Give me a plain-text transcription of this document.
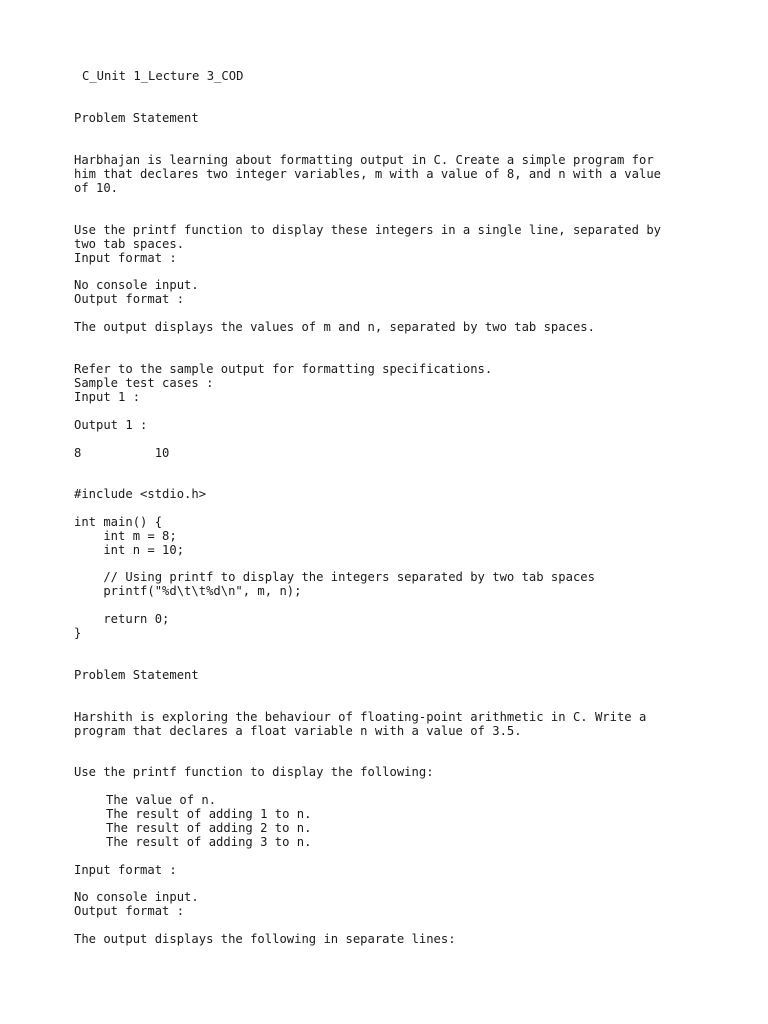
C_Unit 1_Lecture 3_COD
Problem Statement
Harbhajan is learning about formatting output in C. Create a simple program for
him that declares two integer variables, m with a value of 8, and n with a value
of 10.
Use the printf function to display these integers in a single line, separated by
two tab spaces.
Input format :
No console input.
Output format :
The output displays the values of m and n, separated by two tab spaces.
Refer to the sample output for formatting specifications.
Sample test cases :
Input 1 :
Output 1 :
8          10
#include <stdio.h>
int main() {
int m = 8;
int n = 10;
// Using printf to display the integers separated by two tab spaces
printf("%d\t\t%d\n", m, n);
return 0;
}
Problem Statement
Harshith is exploring the behaviour of floating-point arithmetic in C. Write a
program that declares a float variable n with a value of 3.5.
Use the printf function to display the following:
The value of n.
The result of adding 1 to n.
The result of adding 2 to n.
The result of adding 3 to n.
Input format :
No console input.
Output format :
The output displays the following in separate lines:
